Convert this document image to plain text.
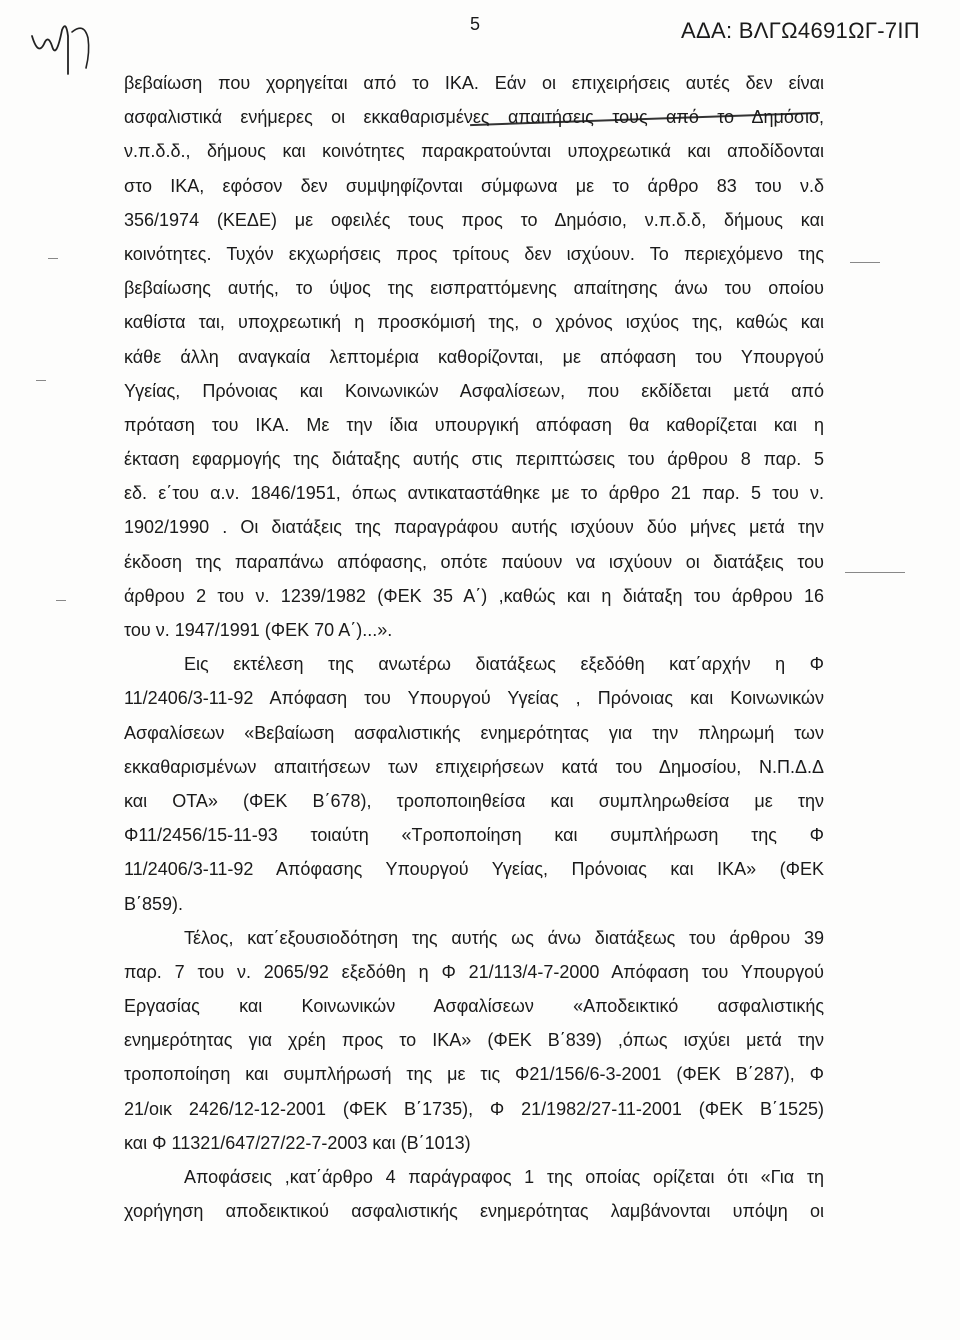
5	ΑΔΑ: ΒΛΓΩ4691ΩΓ-7ΙΠ
βεβαίωση που χορηγείται από το ΙΚΑ. Εάν οι επιχειρήσεις αυτές δεν είναι
ασφαλιστικά ενήμερες οι εκκαθαρισμένες απαιτήσεις τους από το Δημόσιο,
ν.π.δ.δ., δήμους και κοινότητες παρακρατούνται υποχρεωτικά και αποδίδονται
στο ΙΚΑ, εφόσον δεν συμψηφίζονται σύμφωνα με το άρθρο 83 του ν.δ
356/1974 (ΚΕΔΕ) με οφειλές τους προς το Δημόσιο, ν.π.δ.δ, δήμους και
κοινότητες. Τυχόν εκχωρήσεις προς τρίτους δεν ισχύουν. Το περιεχόμενο της
βεβαίωσης αυτής, το ύψος της εισπραττόμενης απαίτησης άνω του οποίου
καθίστα ται, υποχρεωτική η προσκόμισή της, ο χρόνος ισχύος της, καθώς και
κάθε άλλη αναγκαία λεπτομέρια καθορίζονται, με απόφαση του Υπουργού
Υγείας, Πρόνοιας και Κοινωνικών Ασφαλίσεων, που εκδίδεται μετά από
πρόταση του ΙΚΑ. Με την ίδια υπουργική απόφαση θα καθορίζεται και η
έκταση εφαρμογής της διάταξης αυτής στις περιπτώσεις του άρθρου 8 παρ. 5
εδ. ε΄του α.ν. 1846/1951, όπως αντικαταστάθηκε με το άρθρο 21 παρ. 5 του ν.
1902/1990 . Οι διατάξεις της παραγράφου αυτής ισχύουν δύο μήνες μετά την
έκδοση της παραπάνω απόφασης, οπότε παύουν να ισχύουν οι διατάξεις του
άρθρου 2 του ν. 1239/1982 (ΦΕΚ 35 Α΄) ,καθώς και η διάταξη του άρθρου 16
του ν. 1947/1991 (ΦΕΚ 70 Α΄)...».
Εις εκτέλεση της ανωτέρω διατάξεως εξεδόθη κατ΄αρχήν η Φ
11/2406/3-11-92 Απόφαση του Υπουργού Υγείας , Πρόνοιας και Κοινωνικών
Ασφαλίσεων «Βεβαίωση ασφαλιστικής ενημερότητας για την πληρωμή των
εκκαθαρισμένων απαιτήσεων των επιχειρήσεων κατά του Δημοσίου, Ν.Π.Δ.Δ
και ΟΤΑ» (ΦΕΚ Β΄678), τροποποιηθείσα και συμπληρωθείσα με την
Φ11/2456/15-11-93 τοιαύτη «Τροποποίηση και συμπλήρωση της Φ
11/2406/3-11-92 Απόφασης Υπουργού Υγείας, Πρόνοιας και ΙΚΑ» (ΦΕΚ
Β΄859).
Τέλος, κατ΄εξουσιοδότηση της αυτής ως άνω διατάξεως του άρθρου 39
παρ. 7 του ν. 2065/92 εξεδόθη η Φ 21/113/4-7-2000 Απόφαση του Υπουργού
Εργασίας και Κοινωνικών Ασφαλίσεων «Αποδεικτικό ασφαλιστικής
ενημερότητας για χρέη προς το ΙΚΑ» (ΦΕΚ Β΄839) ,όπως ισχύει μετά την
τροποποίηση και συμπλήρωσή της με τις Φ21/156/6-3-2001 (ΦΕΚ Β΄287), Φ
21/οικ 2426/12-12-2001 (ΦΕΚ Β΄1735), Φ 21/1982/27-11-2001 (ΦΕΚ Β΄1525)
και Φ 11321/647/27/22-7-2003 και (Β΄1013)
Αποφάσεις ,κατ΄άρθρο 4 παράγραφος 1 της οποίας ορίζεται ότι «Για τη
χορήγηση αποδεικτικού ασφαλιστικής ενημερότητας λαμβάνονται υπόψη οι
